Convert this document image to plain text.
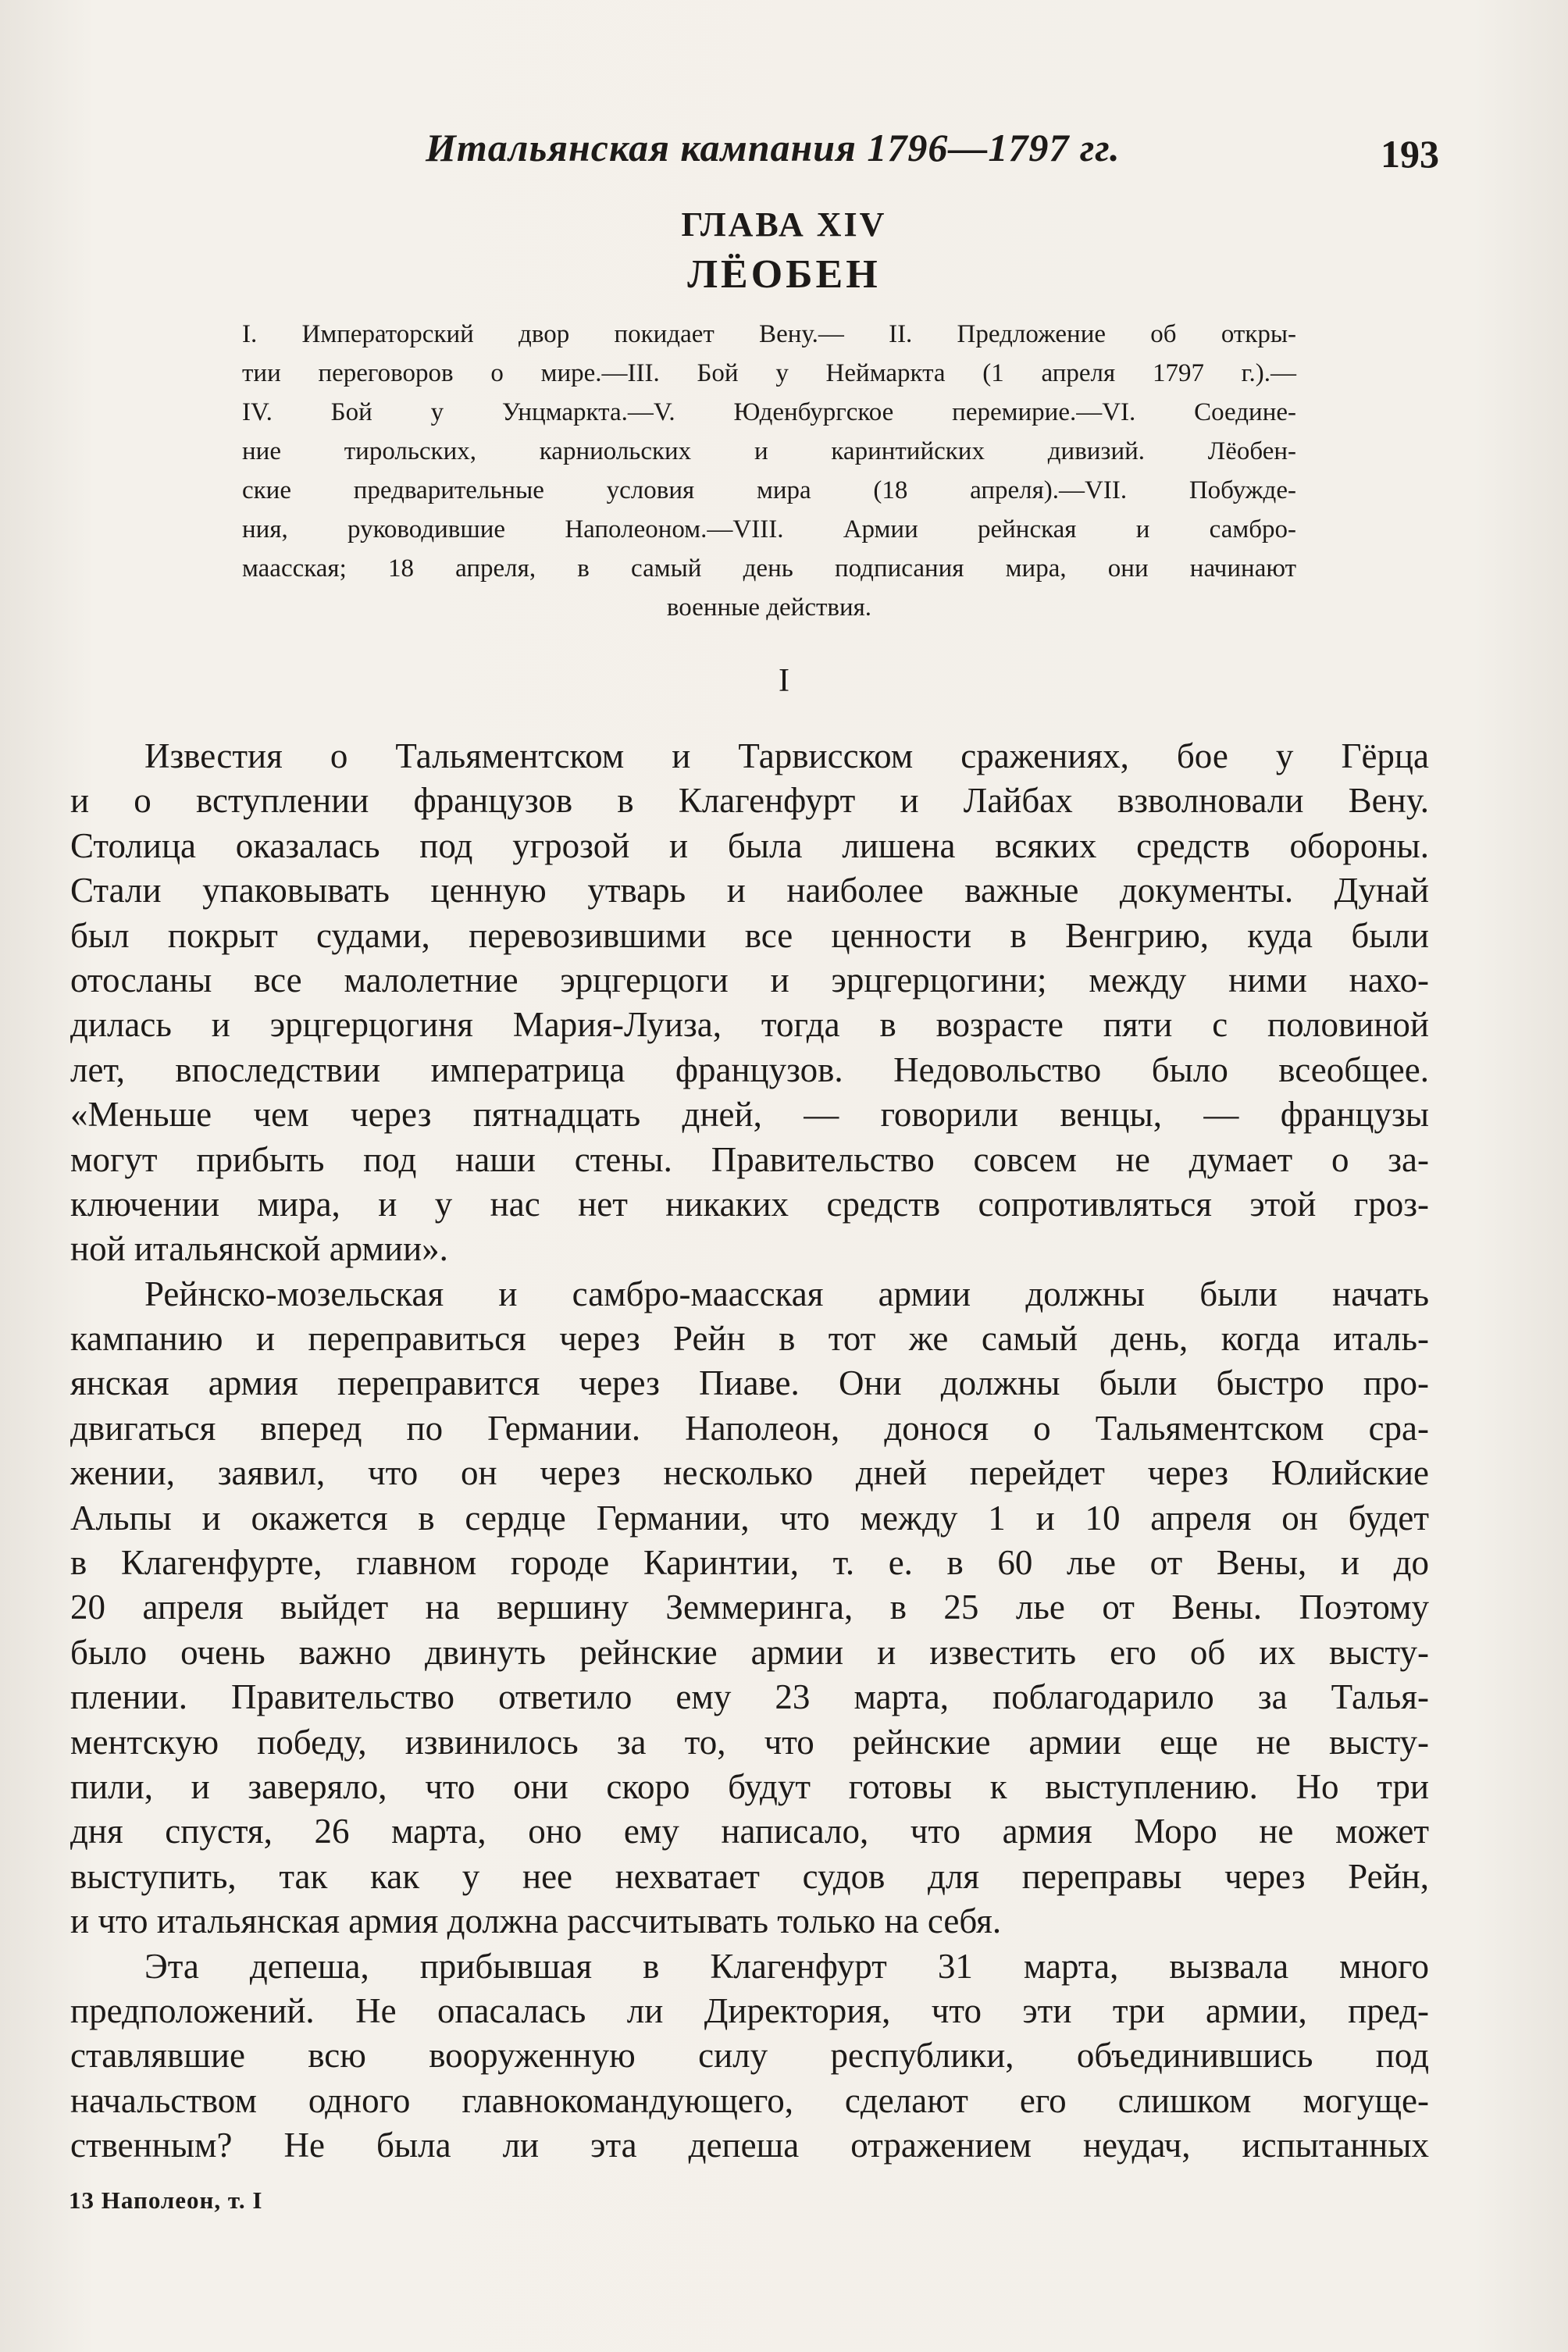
Итальянская кампания 1796—1797 гг.	193
ГЛАВА XIV
ЛЁОБЕН
I. Императорский двор покидает Вену.— II. Предложение об откры-
тии переговоров о мире.—III. Бой у Неймаркта (1 апреля 1797 г.).—
IV. Бой у Унцмаркта.—V. Юденбургское перемирие.—VI. Соедине-
ние тирольских, карниольских и каринтийских дивизий. Лёобен-
ские предварительные условия мира (18 апреля).—VII. Побужде-
ния, руководившие Наполеоном.—VIII. Армии рейнская и самбро-
маасская; 18 апреля, в самый день подписания мира, они начинают
военные действия.
I
Известия о Тальяментском и Тарвисском сражениях, бое у Гёрца
и о вступлении французов в Клагенфурт и Лайбах взволновали Вену.
Столица оказалась под угрозой и была лишена всяких средств обороны.
Стали упаковывать ценную утварь и наиболее важные документы. Дунай
был покрыт судами, перевозившими все ценности в Венгрию, куда были
отосланы все малолетние эрцгерцоги и эрцгерцогини; между ними нахо-
дилась и эрцгерцогиня Мария-Луиза, тогда в возрасте пяти с половиной
лет, впоследствии императрица французов. Недовольство было всеобщее.
«Меньше чем через пятнадцать дней, — говорили венцы, — французы
могут прибыть под наши стены. Правительство совсем не думает о за-
ключении мира, и у нас нет никаких средств сопротивляться этой гроз-
ной итальянской армии».
Рейнско-мозельская и самбро-маасская армии должны были начать
кампанию и переправиться через Рейн в тот же самый день, когда италь-
янская армия переправится через Пиаве. Они должны были быстро про-
двигаться вперед по Германии. Наполеон, донося о Тальяментском сра-
жении, заявил, что он через несколько дней перейдет через Юлийские
Альпы и окажется в сердце Германии, что между 1 и 10 апреля он будет
в Клагенфурте, главном городе Каринтии, т. е. в 60 лье от Вены, и до
20 апреля выйдет на вершину Земмеринга, в 25 лье от Вены. Поэтому
было очень важно двинуть рейнские армии и известить его об их высту-
плении. Правительство ответило ему 23 марта, поблагодарило за Талья-
ментскую победу, извинилось за то, что рейнские армии еще не высту-
пили, и заверяло, что они скоро будут готовы к выступлению. Но три
дня спустя, 26 марта, оно ему написало, что армия Моро не может
выступить, так как у нее нехватает судов для переправы через Рейн,
и что итальянская армия должна рассчитывать только на себя.
Эта депеша, прибывшая в Клагенфурт 31 марта, вызвала много
предположений. Не опасалась ли Директория, что эти три армии, пред-
ставлявшие всю вооруженную силу республики, объединившись под
начальством одного главнокомандующего, сделают его слишком могуще-
ственным? Не была ли эта депеша отражением неудач, испытанных
13 Наполеон, т. I
